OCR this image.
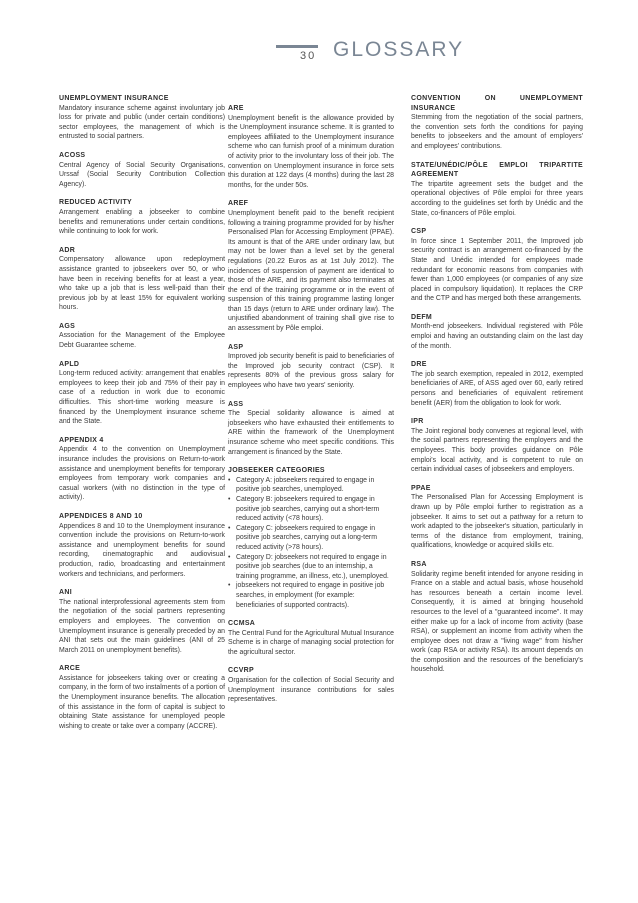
30 GLOSSARY
UNEMPLOYMENT INSURANCE

Mandatory insurance scheme against involuntary job loss for private and public (under certain conditions) sector employees, the management of which is entrusted to social partners.

ACOSS

Central Agency of Social Security Organisations, Urssaf (Social Security Contribution Collection Agency).

REDUCED ACTIVITY

Arrangement enabling a jobseeker to combine benefits and remunerations under certain conditions, while continuing to look for work.

ADR

Compensatory allowance upon redeployment assistance granted to jobseekers over 50, or who have been in receiving benefits for at least a year, who take up a job that is less well-paid than their previous job by at least 15% for equivalent working hours.

AGS

Association for the Management of the Employee Debt Guarantee scheme.

APLD

Long-term reduced activity: arrangement that enables employees to keep their job and 75% of their pay in case of a reduction in work due to economic difficulties. This short-time working measure is financed by the Unemployment insurance scheme and the State.

APPENDIX 4

Appendix 4 to the convention on Unemployment insurance includes the provisions on Return-to-work assistance and unemployment benefits for temporary employees from temporary work companies and casual workers (with no distinction in the type of activity).

APPENDICES 8 AND 10

Appendices 8 and 10 to the Unemployment insurance convention include the provisions on Return-to-work assistance and unemployment benefits for sound recording, cinematographic and audiovisual production, radio, broadcasting and entertainment workers and technicians, and performers.

ANI

The national interprofessional agreements stem from the negotiation of the social partners representing employers and employees. The convention on Unemployment insurance is generally preceded by an ANI that sets out the main guidelines (ANI of 25 March 2011 on unemployment benefits).

ARCE

Assistance for jobseekers taking over or creating a company, in the form of two instalments of a portion of the Unemployment insurance benefits. The allocation of this assistance in the form of capital is subject to obtaining State assistance for unemployed people wishing to create or take over a company (ACCRE).

ARE

Unemployment benefit is the allowance provided by the Unemployment insurance scheme. It is granted to employees affiliated to the Unemployment insurance scheme who can furnish proof of a minimum duration of activity prior to the involuntary loss of their job. The convention on Unemployment insurance in force sets this duration at 122 days (4 months) during the last 28 months, for the under 50s.

AREF

Unemployment benefit paid to the benefit recipient following a training programme provided for by his/her Personalised Plan for Accessing Employment (PPAE). Its amount is that of the ARE under ordinary law, but may not be lower than a level set by the general regulations (20.22 Euros as at 1st July 2012). The incidences of suspension of payment are identical to those of the ARE, and its payment also terminates at the end of the training programme or in the event of suspension of this training programme lasting longer than 15 days (return to ARE under ordinary law). The unjustified abandonment of training shall give rise to an assessment by Pôle emploi.

ASP

Improved job security benefit is paid to beneficiaries of the Improved job security contract (CSP). It represents 80% of the previous gross salary for employees who have two years' seniority.

ASS

The Special solidarity allowance is aimed at jobseekers who have exhausted their entitlements to ARE within the framework of the Unemployment insurance scheme who meet specific conditions. This arrangement is financed by the State.

JOBSEEKER CATEGORIES
• Category A: jobseekers required to engage in positive job searches, unemployed.
• Category B: jobseekers required to engage in positive job searches, carrying out a short-term reduced activity (<78 hours).
• Category C: jobseekers required to engage in positive job searches, carrying out a long-term reduced activity (>78 hours).
• Category D: jobseekers not required to engage in positive job searches (due to an internship, a training programme, an illness, etc.), unemployed.
• jobseekers not required to engage in positive job searches, in employment (for example: beneficiaries of supported contracts).
CCMSA

The Central Fund for the Agricultural Mutual Insurance Scheme is in charge of managing social protection for the agricultural sector.

CCVRP

Organisation for the collection of Social Security and Unemployment insurance contributions for sales representatives.

CONVENTION ON UNEMPLOYMENT INSURANCE

Stemming from the negotiation of the social partners, the convention sets forth the conditions for paying benefits to jobseekers and the amount of employers' and employees' contributions.

STATE/UNÉDIC/PÔLE EMPLOI TRIPARTITE AGREEMENT

The tripartite agreement sets the budget and the operational objectives of Pôle emploi for three years according to the guidelines set forth by Unédic and the State, co-financers of Pôle emploi.

CSP

In force since 1 September 2011, the Improved job security contract is an arrangement co-financed by the State and Unédic intended for employees made redundant for economic reasons from companies with fewer than 1,000 employees (or companies of any size placed in compulsory liquidation). It replaces the CRP and the CTP and has merged both these arrangements.

DEFM

Month-end jobseekers. Individual registered with Pôle emploi and having an outstanding claim on the last day of the month.

DRE

The job search exemption, repealed in 2012, exempted beneficiaries of ARE, of ASS aged over 60, early retired persons and beneficiaries of equivalent retirement benefit (AER) from the obligation to look for work.

IPR

The Joint regional body convenes at regional level, with the social partners representing the employers and the employees. This body provides guidance on Pôle emploi's local activity, and is competent to rule on certain individual cases of jobseekers and employers.

PPAE

The Personalised Plan for Accessing Employment is drawn up by Pôle emploi further to registration as a jobseeker. It aims to set out a pathway for a return to work adapted to the jobseeker's situation, particularly in terms of the distance from employment, training, qualifications, knowledge or acquired skills etc.

RSA

Solidarity regime benefit intended for anyone residing in France on a stable and actual basis, whose household has resources beneath a certain income level. Consequently, it is aimed at bringing household resources to the level of a "guaranteed income". It may either make up for a lack of income from activity (base RSA), or supplement an income from activity when the employee does not draw a "living wage" from his/her work (cap RSA or activity RSA). Its amount depends on the composition and the resources of the beneficiary's household.
